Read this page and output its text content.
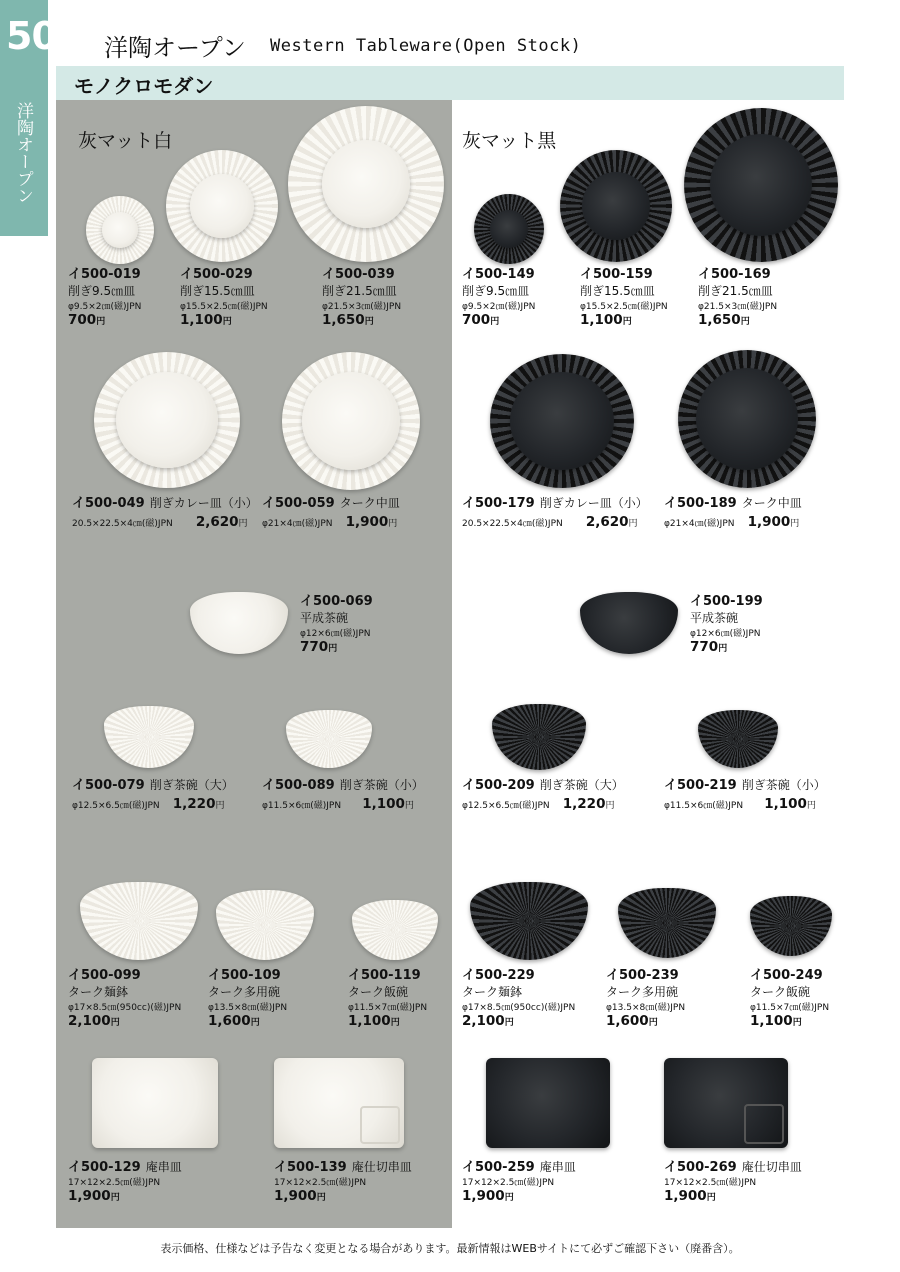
500
洋陶オープン
洋陶オープン Western Tableware(Open Stock)
モノクロモダン
灰マット白	灰マット黒
イ500-019
削ぎ9.5㎝皿
φ9.5×2㎝(磁)JPN
700円
イ500-029
削ぎ15.5㎝皿
φ15.5×2.5㎝(磁)JPN
1,100円
イ500-039
削ぎ21.5㎝皿
φ21.5×3㎝(磁)JPN
1,650円
イ500-149
削ぎ9.5㎝皿
φ9.5×2㎝(磁)JPN
700円
イ500-159
削ぎ15.5㎝皿
φ15.5×2.5㎝(磁)JPN
1,100円
イ500-169
削ぎ21.5㎝皿
φ21.5×3㎝(磁)JPN
1,650円
イ500-049 削ぎカレー皿（小）
20.5×22.5×4㎝(磁)JPN 2,620円
イ500-059 ターク中皿
φ21×4㎝(磁)JPN 1,900円
イ500-179 削ぎカレー皿（小）
20.5×22.5×4㎝(磁)JPN 2,620円
イ500-189 ターク中皿
φ21×4㎝(磁)JPN 1,900円
イ500-069
平成茶碗
φ12×6㎝(磁)JPN
770円
イ500-199
平成茶碗
φ12×6㎝(磁)JPN
770円
イ500-079 削ぎ茶碗（大）
φ12.5×6.5㎝(磁)JPN 1,220円
イ500-089 削ぎ茶碗（小）
φ11.5×6㎝(磁)JPN 1,100円
イ500-209 削ぎ茶碗（大）
φ12.5×6.5㎝(磁)JPN 1,220円
イ500-219 削ぎ茶碗（小）
φ11.5×6㎝(磁)JPN 1,100円
イ500-099
ターク麺鉢
φ17×8.5㎝(950cc)(磁)JPN
2,100円
イ500-109
ターク多用碗
φ13.5×8㎝(磁)JPN
1,600円
イ500-119
ターク飯碗
φ11.5×7㎝(磁)JPN
1,100円
イ500-229
ターク麺鉢
φ17×8.5㎝(950cc)(磁)JPN
2,100円
イ500-239
ターク多用碗
φ13.5×8㎝(磁)JPN
1,600円
イ500-249
ターク飯碗
φ11.5×7㎝(磁)JPN
1,100円
イ500-129 庵串皿
17×12×2.5㎝(磁)JPN
1,900円
イ500-139 庵仕切串皿
17×12×2.5㎝(磁)JPN
1,900円
イ500-259 庵串皿
17×12×2.5㎝(磁)JPN
1,900円
イ500-269 庵仕切串皿
17×12×2.5㎝(磁)JPN
1,900円
表示価格、仕様などは予告なく変更となる場合があります。最新情報はWEBサイトにて必ずご確認下さい（廃番含）。
